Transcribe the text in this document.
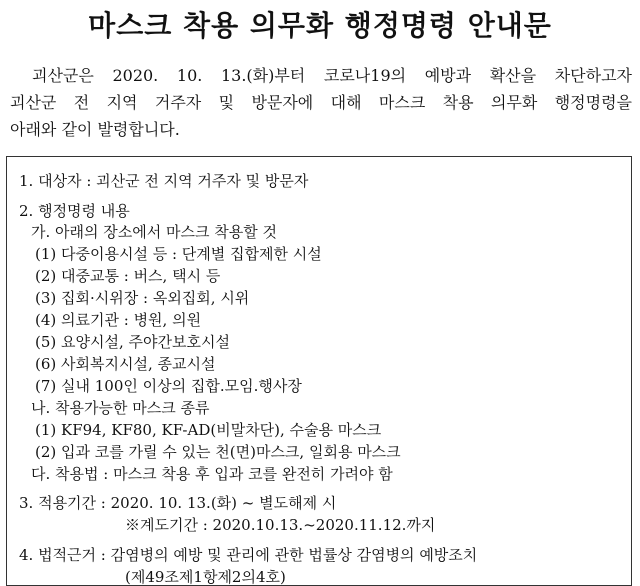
마스크 착용 의무화 행정명령 안내문
괴산군은 2020. 10. 13.(화)부터 코로나19의 예방과 확산을 차단하고자
괴산군 전 지역 거주자 및 방문자에 대해 마스크 착용 의무화 행정명령을
아래와 같이 발령합니다.
1. 대상자 : 괴산군 전 지역 거주자 및 방문자
2. 행정명령 내용
가. 아래의 장소에서 마스크 착용할 것
(1) 다중이용시설 등 : 단계별 집합제한 시설
(2) 대중교통 : 버스, 택시 등
(3) 집회·시위장 : 옥외집회, 시위
(4) 의료기관 : 병원, 의원
(5) 요양시설, 주야간보호시설
(6) 사회복지시설, 종교시설
(7) 실내 100인 이상의 집합.모임.행사장
나. 착용가능한 마스크 종류
(1) KF94, KF80, KF-AD(비말차단), 수술용 마스크
(2) 입과 코를 가릴 수 있는 천(면)마스크, 일회용 마스크
다. 착용법 : 마스크 착용 후 입과 코를 완전히 가려야 함
3. 적용기간 : 2020. 10. 13.(화) ~ 별도해제 시
※계도기간 : 2020.10.13.~2020.11.12.까지
4. 법적근거 : 감염병의 예방 및 관리에 관한 법률상 감염병의 예방조치
(제49조제1항제2의4호)
